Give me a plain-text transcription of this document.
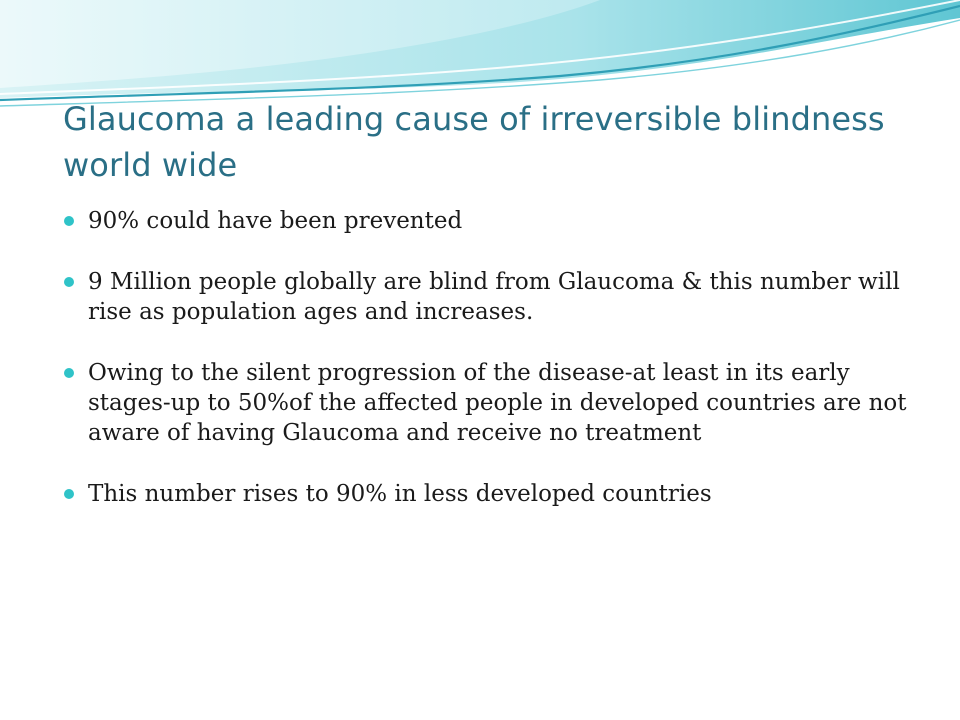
Glaucoma a leading cause of irreversible blindness world wide
90% could have been prevented
9 Million people globally are blind from Glaucoma & this number will rise as population ages and increases.
Owing to the silent progression of the disease-at least in its early stages-up to 50%of the affected people in developed countries are not aware of having Glaucoma and receive no treatment
This number rises to 90% in less developed countries
